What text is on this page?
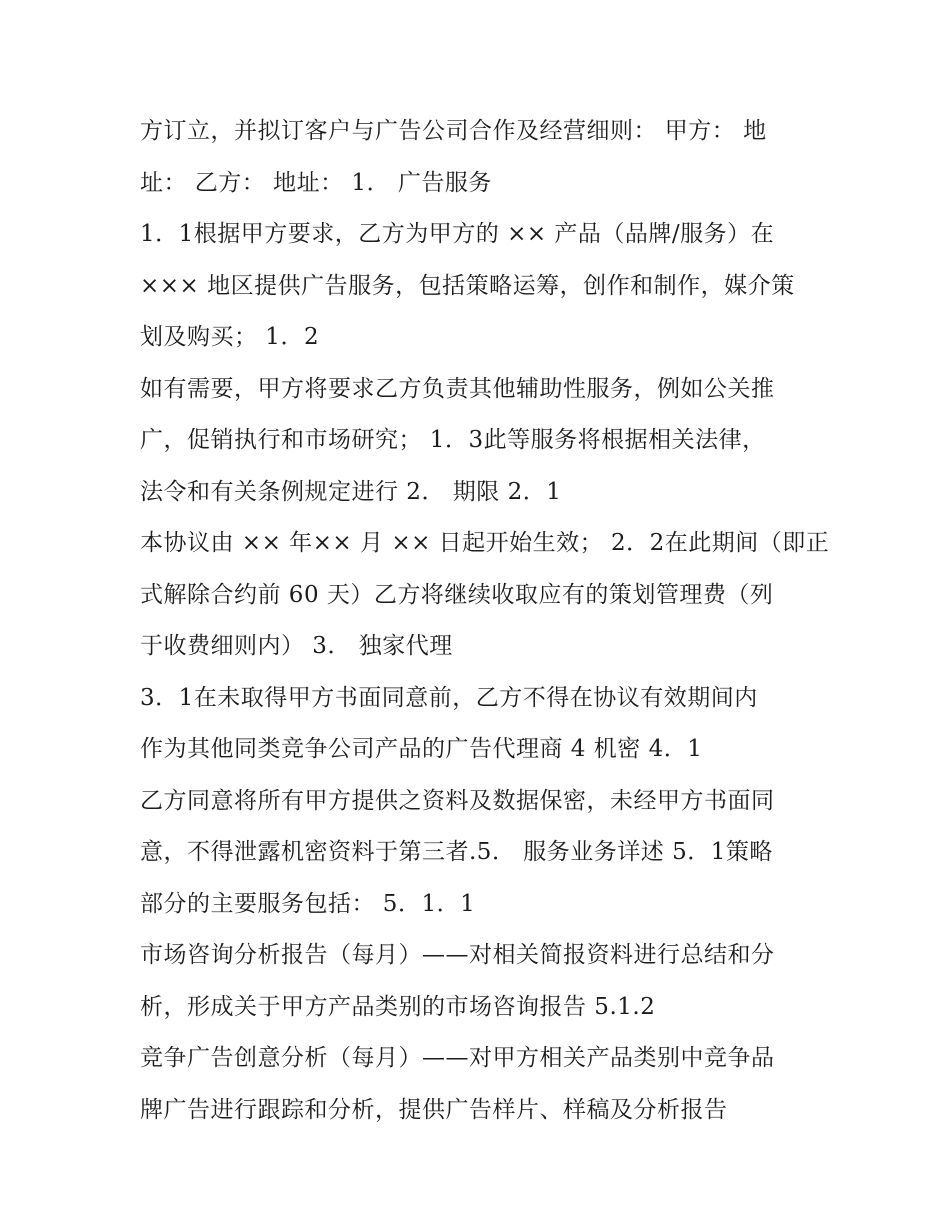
方订立，并拟订客户与广告公司合作及经营细则： 甲方： 地
址： 乙方： 地址： 1． 广告服务
1．1根据甲方要求，乙方为甲方的 ×× 产品（品牌/服务）在
××× 地区提供广告服务，包括策略运筹，创作和制作，媒介策
划及购买； 1．2
如有需要，甲方将要求乙方负责其他辅助性服务，例如公关推
广，促销执行和市场研究； 1．3此等服务将根据相关法律，
法令和有关条例规定进行 2． 期限 2．1
本协议由 ×× 年×× 月 ×× 日起开始生效； 2．2在此期间（即正
式解除合约前 60 天）乙方将继续收取应有的策划管理费（列
于收费细则内） 3． 独家代理
3．1在未取得甲方书面同意前，乙方不得在协议有效期间内
作为其他同类竞争公司产品的广告代理商 4 机密 4．1
乙方同意将所有甲方提供之资料及数据保密，未经甲方书面同
意，不得泄露机密资料于第三者.5． 服务业务详述 5．1策略
部分的主要服务包括： 5．1．1
市场咨询分析报告（每月）——对相关简报资料进行总结和分
析，形成关于甲方产品类别的市场咨询报告 5.1.2
竞争广告创意分析（每月）——对甲方相关产品类别中竞争品
牌广告进行跟踪和分析，提供广告样片、样稿及分析报告
